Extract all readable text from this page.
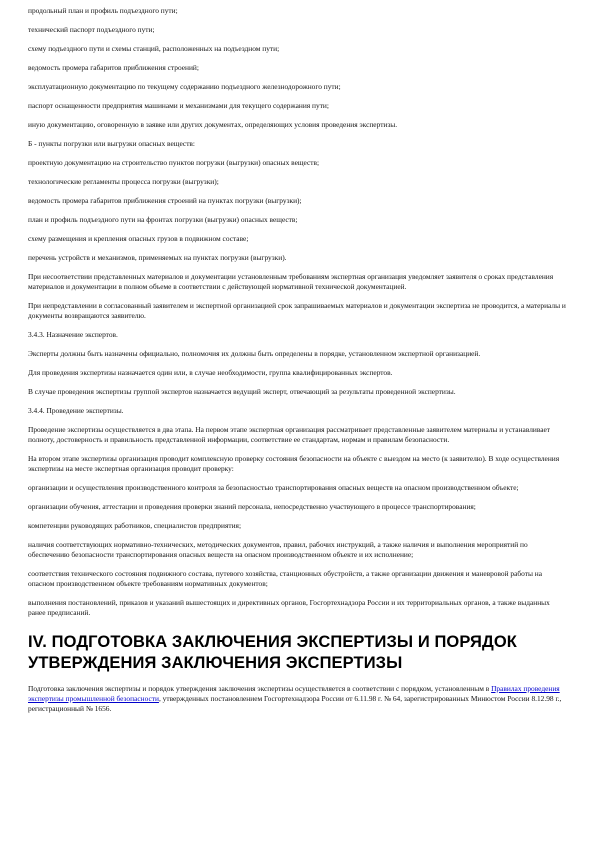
продольный план и профиль подъездного пути;

технический паспорт подъездного пути;

схему подъездного пути и схемы станций, расположенных на подъездном пути;

ведомость промера габаритов приближения строений;

эксплуатационную документацию по текущему содержанию подъездного железнодорожного пути;

паспорт оснащенности предприятия машинами и механизмами для текущего содержания пути;

иную документацию, оговоренную в заявке или других документах, определяющих условия проведения экспертизы.

Б - пункты погрузки или выгрузки опасных веществ:

проектную документацию на строительство пунктов погрузки (выгрузки) опасных веществ;

технологические регламенты процесса погрузки (выгрузки);

ведомость промера габаритов приближения строений на пунктах погрузки (выгрузки);

план и профиль подъездного пути на фронтах погрузки (выгрузки) опасных веществ;

схему размещения и крепления опасных грузов в подвижном составе;

перечень устройств и механизмов, применяемых на пунктах погрузки (выгрузки).

При несоответствии представленных материалов и документации установленным требованиям экспертная организация уведомляет заявителя о сроках представления материалов и документации в полном объеме в соответствии с действующей нормативной технической документацией.

При непредставлении в согласованный заявителем и экспертной организацией срок запрашиваемых материалов и документации экспертиза не проводится, а материалы и документы возвращаются заявителю.

3.4.3. Назначение экспертов.

Эксперты должны быть назначены официально, полномочия их должны быть определены в порядке, установленном экспертной организацией.

Для проведения экспертизы назначается один или, в случае необходимости, группа квалифицированных экспертов.

В случае проведения экспертизы группой экспертов назначается ведущий эксперт, отвечающий за результаты проведенной экспертизы.

3.4.4. Проведение экспертизы.

Проведение экспертизы осуществляется в два этапа. На первом этапе экспертная организация рассматривает представленные заявителем материалы и устанавливает полноту, достоверность и правильность представленной информации, соответствие ее стандартам, нормам и правилам безопасности.

На втором этапе экспертизы организация проводит комплексную проверку состояния безопасности на объекте с выездом на место (к заявителю). В ходе осуществления экспертизы на месте экспертная организация проводит проверку:

организации и осуществления производственного контроля за безопасностью транспортирования опасных веществ на опасном производственном объекте;

организации обучения, аттестации и проведения проверки знаний персонала, непосредственно участвующего в процессе транспортирования;

компетенции руководящих работников, специалистов предприятия;

наличия соответствующих нормативно-технических, методических документов, правил, рабочих инструкций, а также наличия и выполнения мероприятий по обеспечению безопасности транспортирования опасных веществ на опасном производственном объекте и их исполнение;

соответствия технического состояния подвижного состава, путевого хозяйства, станционных обустройств, а также организации движения и маневровой работы на опасном производственном объекте требованиям нормативных документов;

выполнения постановлений, приказов и указаний вышестоящих и директивных органов, Госгортехнадзора России и их территориальных органов, а также выданных ранее предписаний.

IV. ПОДГОТОВКА ЗАКЛЮЧЕНИЯ ЭКСПЕРТИЗЫ И ПОРЯДОК УТВЕРЖДЕНИЯ ЗАКЛЮЧЕНИЯ ЭКСПЕРТИЗЫ

Подготовка заключения экспертизы и порядок утверждения заключения экспертизы осуществляется в соответствии с порядком, установленным в Правилах проведения экспертизы промышленной безопасности, утвержденных постановлением Госгортехнадзора России от 6.11.98 г. № 64, зарегистрированных Минюстом России 8.12.98 г., регистрационный № 1656.
